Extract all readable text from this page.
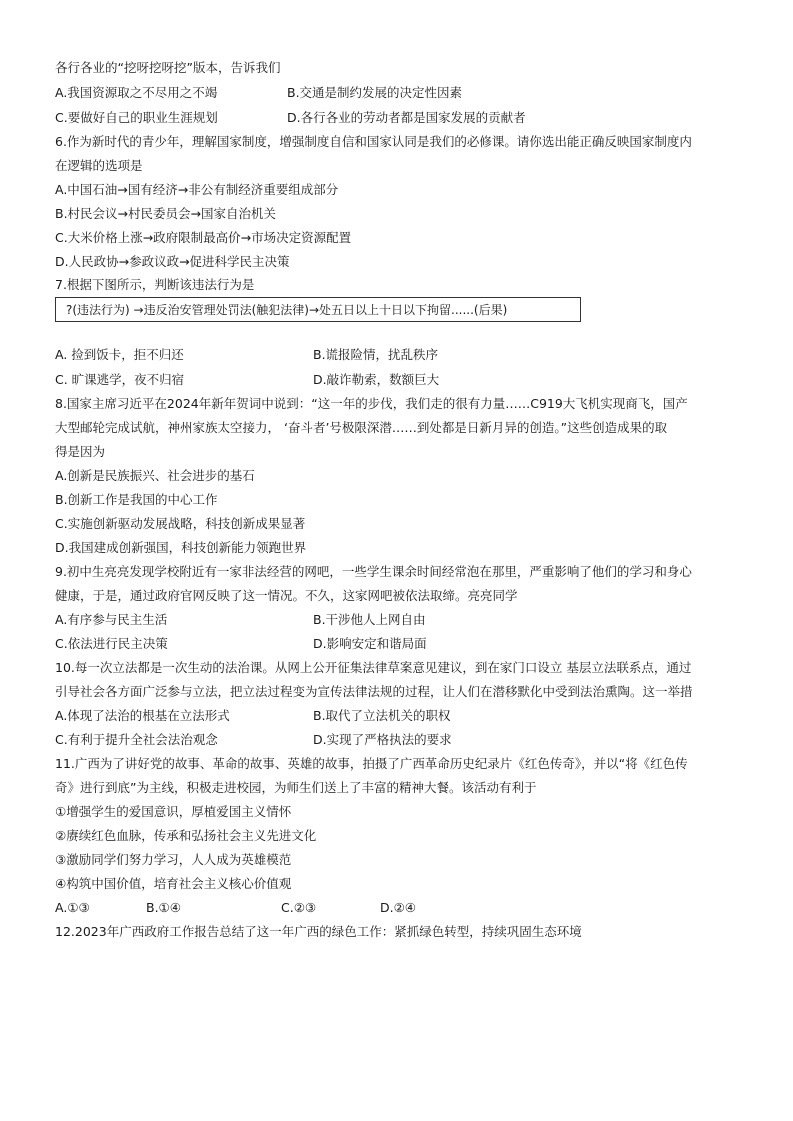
各行各业的“挖呀挖呀挖”版本，告诉我们
A.我国资源取之不尽用之不竭	B.交通是制约发展的决定性因素
C.要做好自己的职业生涯规划	D.各行各业的劳动者都是国家发展的贡献者
6.作为新时代的青少年，理解国家制度，增强制度自信和国家认同是我们的必修课。请你选出能正确反映国家制度内
在逻辑的选项是
A.中国石油→国有经济→非公有制经济重要组成部分
B.村民会议→村民委员会→国家自治机关
C.大米价格上涨→政府限制最高价→市场决定资源配置
D.人民政协→参政议政→促进科学民主决策
7.根据下图所示，判断该违法行为是
?(违法行为) →违反治安管理处罚法(触犯法律)→处五日以上十日以下拘留......(后果)
A. 捡到饭卡，拒不归还	B.谎报险情，扰乱秩序
C. 旷课逃学，夜不归宿	D.敲诈勒索，数额巨大
8.国家主席习近平在2024年新年贺词中说到：“这一年的步伐，我们走的很有力量……C919大飞机实现商飞，国产
大型邮轮完成试航，神州家族太空接力， ‘奋斗者’号极限深潜……到处都是日新月异的创造。”这些创造成果的取
得是因为
A.创新是民族振兴、社会进步的基石
B.创新工作是我国的中心工作
C.实施创新驱动发展战略，科技创新成果显著
D.我国建成创新强国，科技创新能力领跑世界
9.初中生亮亮发现学校附近有一家非法经营的网吧，一些学生课余时间经常泡在那里，严重影响了他们的学习和身心
健康，于是，通过政府官网反映了这一情况。不久，这家网吧被依法取缔。亮亮同学
A.有序参与民主生活	B.干涉他人上网自由
C.依法进行民主决策	D.影响安定和谐局面
10.每一次立法都是一次生动的法治课。从网上公开征集法律草案意见建议，到在家门口设立 基层立法联系点，通过
引导社会各方面广泛参与立法，把立法过程变为宣传法律法规的过程，让人们在潜移默化中受到法治熏陶。这一举措
A.体现了法治的根基在立法形式	B.取代了立法机关的职权
C.有利于提升全社会法治观念	D.实现了严格执法的要求
11.广西为了讲好党的故事、革命的故事、英雄的故事，拍摄了广西革命历史纪录片《红色传奇》，并以“将《红色传
奇》进行到底”为主线，积极走进校园，为师生们送上了丰富的精神大餐。该活动有利于
①增强学生的爱国意识，厚植爱国主义情怀
②赓续红色血脉，传承和弘扬社会主义先进文化
③激励同学们努力学习，人人成为英雄模范
④构筑中国价值，培育社会主义核心价值观
A.①③	B.①④	C.②③	D.②④
12.2023年广西政府工作报告总结了这一年广西的绿色工作：紧抓绿色转型，持续巩固生态环境
